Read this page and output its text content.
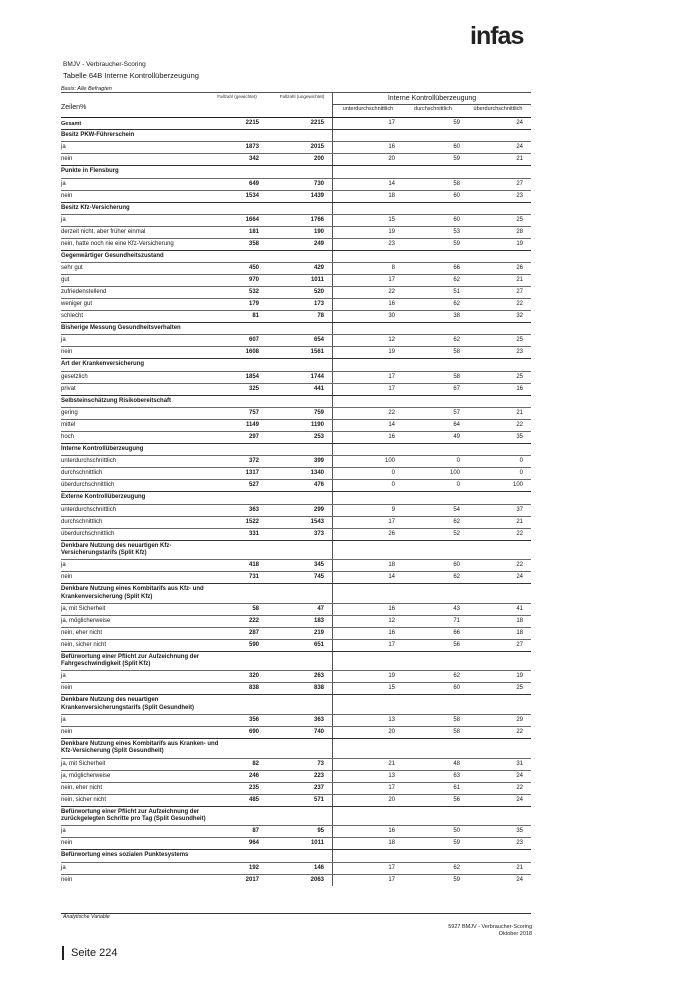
infas
BMJV - Verbraucher-Scoring
Tabelle 64B Interne Kontrollüberzeugung
Basis: Alle Befragten
Zeilen%
Fallzahl (gewichtet)	Fallzahl (ungewichtet)	Interne Kontrollüberzeugung
unterdurchschnittlich	durchschnittlich	überdurchschnittlich
Gesamt	2215	2215	17	59	24
Besitz PKW-Führerschein
ja	1873	2015	16	60	24
nein	342	200	20	59	21
Punkte in Flensburg
ja	649	730	14	58	27
nein	1534	1439	18	60	23
Besitz Kfz-Versicherung
ja	1664	1766	15	60	25
derzeit nicht, aber früher einmal	181	190	19	53	28
nein, hatte noch nie eine Kfz-Versicherung	358	249	23	59	19
Gegenwärtiger Gesundheitszustand
sehr gut	450	429	8	66	26
gut	970	1011	17	62	21
zufriedenstellend	532	520	22	51	27
weniger gut	179	173	16	62	22
schlecht	81	78	30	38	32
Bisherige Messung Gesundheitsverhalten
ja	607	654	12	62	25
nein	1608	1561	19	58	23
Art der Krankenversicherung
gesetzlich	1854	1744	17	58	25
privat	325	441	17	67	16
Selbsteinschätzung Risikobereitschaft
gering	757	759	22	57	21
mittel	1149	1190	14	64	22
hoch	297	253	16	49	35
Interne Kontrollüberzeugung
unterdurchschnittlich	372	399	100	0	0
durchschnittlich	1317	1340	0	100	0
überdurchschnittlich	527	476	0	0	100
Externe Kontrollüberzeugung
unterdurchschnittlich	363	299	9	54	37
durchschnittlich	1522	1543	17	62	21
überdurchschnittlich	331	373	26	52	22
Denkbare Nutzung des neuartigen Kfz-Versicherungstarifs (Split Kfz)
ja	418	345	18	60	22
nein	731	745	14	62	24
Denkbare Nutzung eines Kombitarifs aus Kfz- und Krankenversicherung (Split Kfz)
ja, mit Sicherheit	58	47	16	43	41
ja, möglicherweise	222	183	12	71	18
nein, eher nicht	287	219	16	66	18
nein, sicher nicht	590	651	17	56	27
Befürwortung einer Pflicht zur Aufzeichnung der Fahrgeschwindigkeit (Split Kfz)
ja	320	263	19	62	19
nein	838	838	15	60	25
Denkbare Nutzung des neuartigen Krankenversicherungstarifs (Split Gesundheit)
ja	356	363	13	58	29
nein	690	740	20	58	22
Denkbare Nutzung eines Kombitarifs aus Kranken- und Kfz-Versicherung (Split Gesundheit)
ja, mit Sicherheit	82	73	21	48	31
ja, möglicherweise	246	223	13	63	24
nein, eher nicht	235	237	17	61	22
nein, sicher nicht	485	571	20	56	24
Befürwortung einer Pflicht zur Aufzeichnung der zurückgelegten Schritte pro Tag (Split Gesundheit)
ja	87	95	16	50	35
nein	964	1011	18	59	23
Befürwortung eines sozialen Punktesystems
ja	192	146	17	62	21
nein	2017	2063	17	59	24
Analytische Variable
5927 BMJV - Verbraucher-Scoring
Oktober 2018
Seite 224
